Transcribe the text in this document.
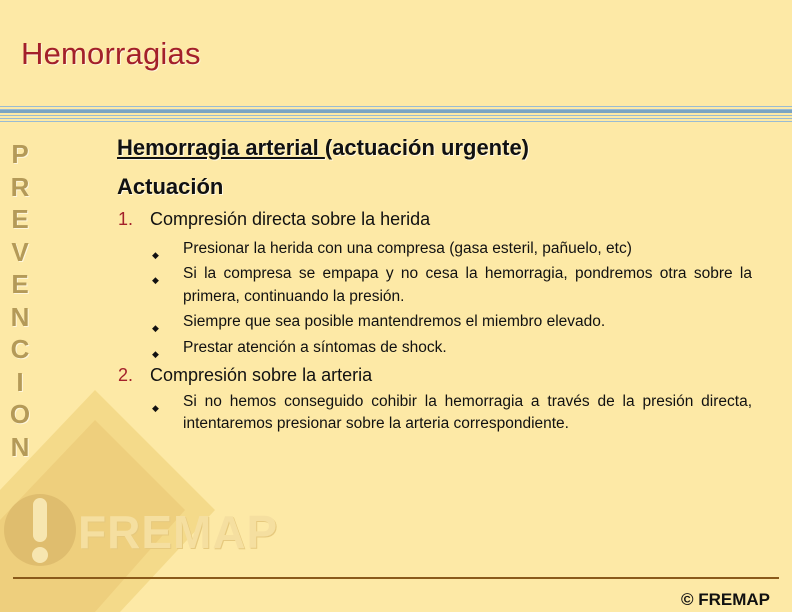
Hemorragias
P
R
E
V
E
N
C
I
O
N
FREMAP
Hemorragia arterial (actuación urgente)
Actuación
1. Compresión directa sobre la herida
◆ Presionar la herida con una compresa (gasa esteril, pañuelo, etc)
◆ Si la compresa se empapa y no cesa la hemorragia, pondremos otra sobre la primera, continuando la presión.
◆ Siempre que sea posible mantendremos el miembro elevado.
◆ Prestar atención a síntomas de shock.
2. Compresión sobre la arteria
◆ Si no hemos conseguido cohibir la hemorragia a través de la presión directa, intentaremos presionar sobre la arteria correspondiente.
© FREMAP
